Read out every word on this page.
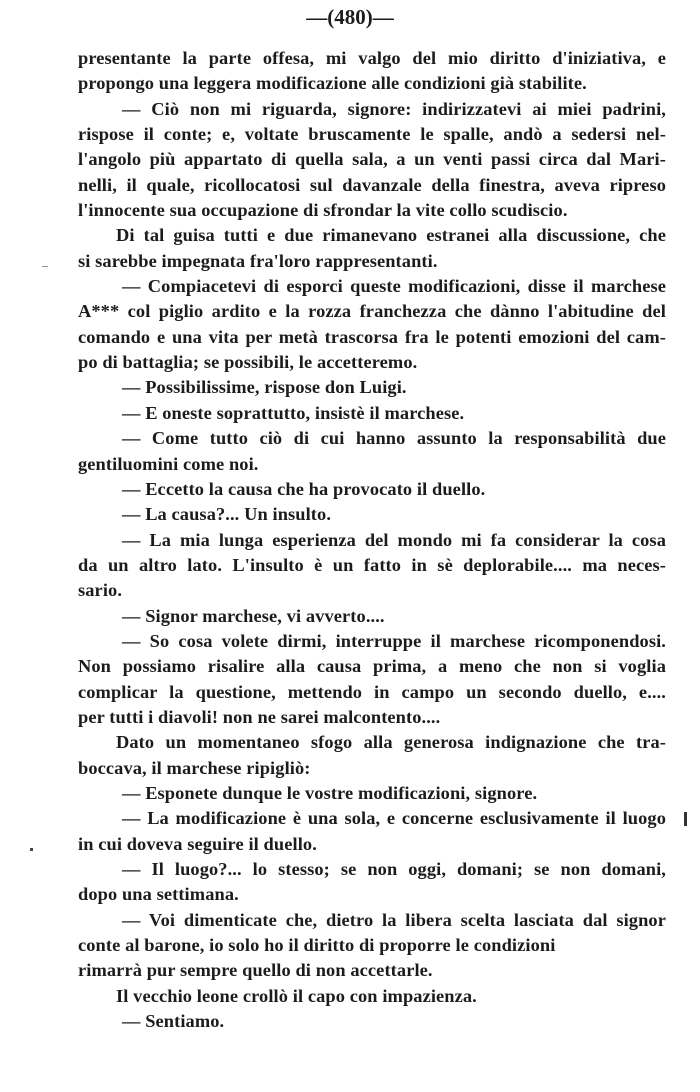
—(480)—
presentante la parte offesa, mi valgo del mio diritto d'iniziativa, e
propongo una leggera modificazione alle condizioni già stabilite.
— Ciò non mi riguarda, signore: indirizzatevi ai miei padrini,
rispose il conte; e, voltate bruscamente le spalle, andò a sedersi nel-
l'angolo più appartato di quella sala, a un venti passi circa dal Mari-
nelli, il quale, ricollocatosi sul davanzale della finestra, aveva ripreso
l'innocente sua occupazione di sfrondar la vite collo scudiscio.
Di tal guisa tutti e due rimanevano estranei alla discussione, che
si sarebbe impegnata fra'loro rappresentanti.
— Compiacetevi di esporci queste modificazioni, disse il marchese
A*** col piglio ardito e la rozza franchezza che dànno l'abitudine del
comando e una vita per metà trascorsa fra le potenti emozioni del cam-
po di battaglia; se possibili, le accetteremo.
— Possibilissime, rispose don Luigi.
— E oneste soprattutto, insistè il marchese.
— Come tutto ciò di cui hanno assunto la responsabilità due
gentiluomini come noi.
— Eccetto la causa che ha provocato il duello.
— La causa?... Un insulto.
— La mia lunga esperienza del mondo mi fa considerar la cosa
da un altro lato. L'insulto è un fatto in sè deplorabile.... ma neces-
sario.
— Signor marchese, vi avverto....
— So cosa volete dirmi, interruppe il marchese ricomponendosi.
Non possiamo risalire alla causa prima, a meno che non si voglia
complicar la questione, mettendo in campo un secondo duello, e....
per tutti i diavoli! non ne sarei malcontento....
Dato un momentaneo sfogo alla generosa indignazione che tra-
boccava, il marchese ripigliò:
— Esponete dunque le vostre modificazioni, signore.
— La modificazione è una sola, e concerne esclusivamente il luogo
in cui doveva seguire il duello.
— Il luogo?... lo stesso; se non oggi, domani; se non domani,
dopo una settimana.
— Voi dimenticate che, dietro la libera scelta lasciata dal signor
conte al barone, io solo ho il diritto di proporre le condizioni
rimarrà pur sempre quello di non accettarle.
Il vecchio leone crollò il capo con impazienza.
— Sentiamo.
